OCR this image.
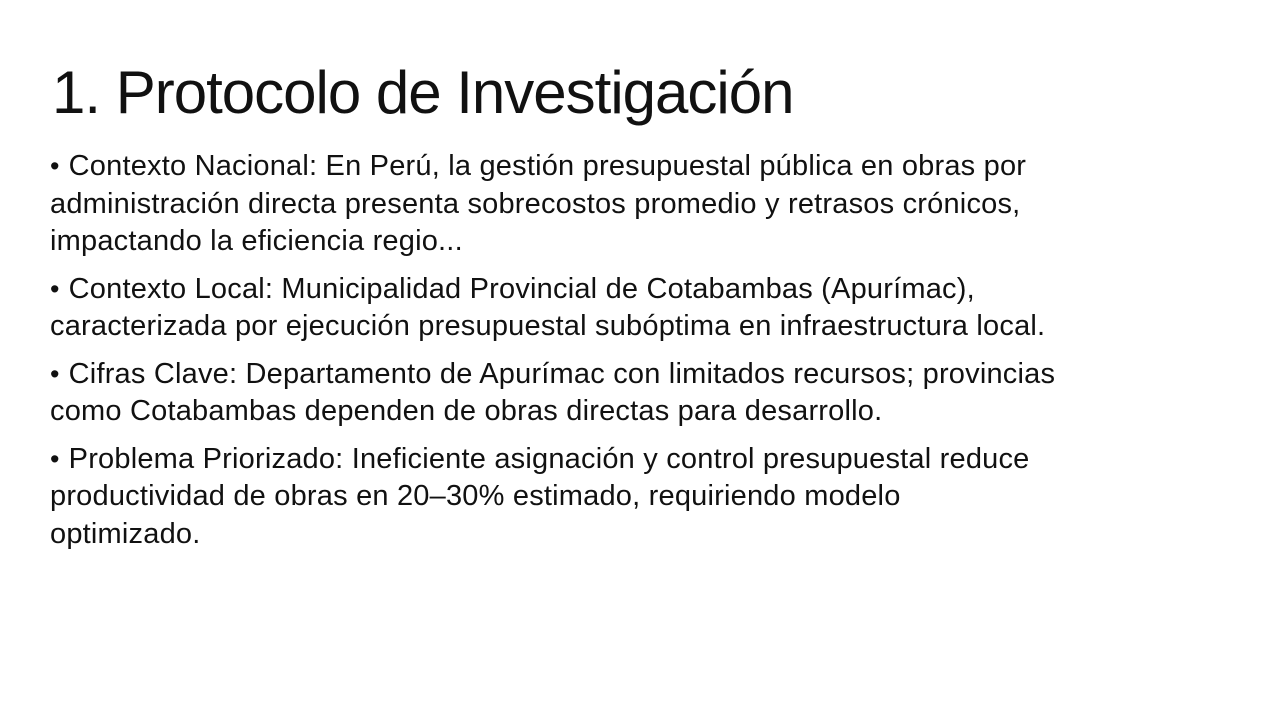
1. Protocolo de Investigación

• Contexto Nacional: En Perú, la gestión presupuestal pública en obras por
administración directa presenta sobrecostos promedio y retrasos crónicos,
impactando la eficiencia regio...

• Contexto Local: Municipalidad Provincial de Cotabambas (Apurímac),
caracterizada por ejecución presupuestal subóptima en infraestructura local.

• Cifras Clave: Departamento de Apurímac con limitados recursos; provincias
como Cotabambas dependen de obras directas para desarrollo.

• Problema Priorizado: Ineficiente asignación y control presupuestal reduce
productividad de obras en 20–30% estimado, requiriendo modelo
optimizado.
